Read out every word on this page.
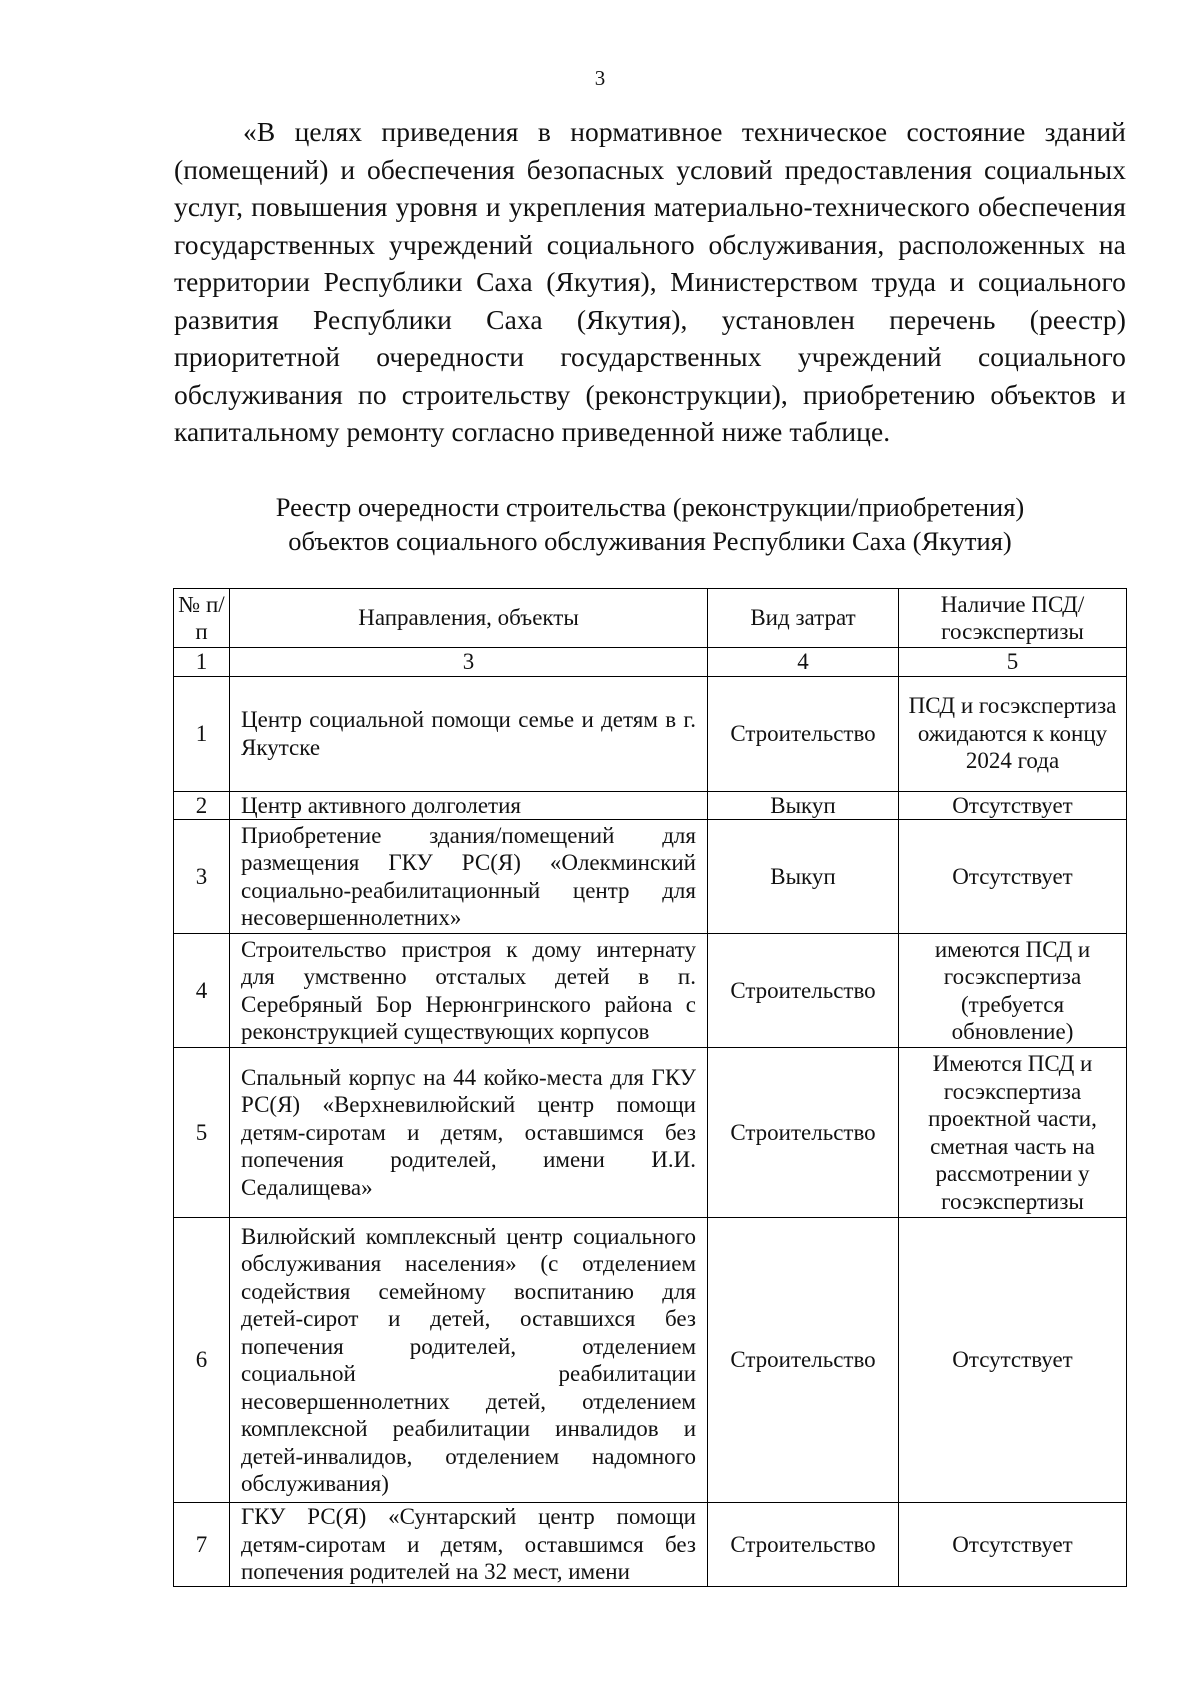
3

«В целях приведения в нормативное техническое состояние зданий (помещений) и обеспечения безопасных условий предоставления социальных услуг, повышения уровня и укрепления материально-технического обеспечения государственных учреждений социального обслуживания, расположенных на территории Республики Саха (Якутия), Министерством труда и социального развития Республики Саха (Якутия), установлен перечень (реестр) приоритетной очередности государственных учреждений социального обслуживания по строительству (реконструкции), приобретению объектов и капитальному ремонту согласно приведенной ниже таблице.

Реестр очередности строительства (реконструкции/приобретения)
объектов социального обслуживания Республики Саха (Якутия)
№ п/п	Направления, объекты	Вид затрат	Наличие ПСД/ госэкспертизы
1	3	4	5
1	Центр социальной помощи семье и детям в г. Якутске	Строительство	ПСД и госэкспертиза ожидаются к концу 2024 года
2	Центр активного долголетия	Выкуп	Отсутствует
3	Приобретение здания/помещений для размещения ГКУ РС(Я) «Олекминский социально-реабилитационный центр для несовершеннолетних»	Выкуп	Отсутствует
4	Строительство пристроя к дому интернату для умственно отсталых детей в п. Серебряный Бор Нерюнгринского района с реконструкцией существующих корпусов	Строительство	имеются ПСД и госэкспертиза (требуется обновление)
5	Спальный корпус на 44 койко-места для ГКУ РС(Я) «Верхневилюйский центр помощи детям-сиротам и детям, оставшимся без попечения родителей, имени И.И. Седалищева»	Строительство	Имеются ПСД и госэкспертиза проектной части, сметная часть на рассмотрении у госэкспертизы
6	Вилюйский комплексный центр социального обслуживания населения» (с отделением содействия семейному воспитанию для детей-сирот и детей, оставшихся без попечения родителей, отделением социальной реабилитации несовершеннолетних детей, отделением комплексной реабилитации инвалидов и детей-инвалидов, отделением надомного обслуживания)	Строительство	Отсутствует
7	ГКУ РС(Я) «Сунтарский центр помощи детям-сиротам и детям, оставшимся без попечения родителей на 32 мест, имени	Строительство	Отсутствует
